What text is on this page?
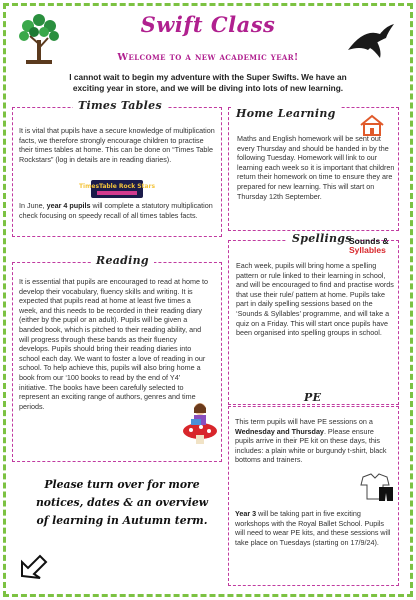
Swift Class
Welcome to a new academic year!
I cannot wait to begin my adventure with the Super Swifts. We have an exciting year in store, and we will be diving into lots of new learning.
Times Tables

It is vital that pupils have a secure knowledge of multiplication facts, we therefore strongly encourage children to practise their times tables at home. This can be done on “Times Table Rockstars” (log in details are in reading diaries).

TimesTable Rock Stars

In June, year 4 pupils will complete a statutory multiplication check focusing on speedy recall of all times tables facts.

Home Learning

Maths and English homework will be sent out every Thursday and should be handed in by the following Tuesday. Homework will link to our learning each week so it is important that children return their homework on time to ensure they are prepared for new learning. This will start on Thursday 12th September.

Spellings
Sounds &
Syllables

Each week, pupils will bring home a spelling pattern or rule linked to their learning in school, and will be encouraged to find and practise words that use their rule/ pattern at home. Pupils take part in daily spelling sessions based on the ‘Sounds & Syllables’ programme, and will take a quiz on a Friday. This will start once pupils have been organised into spelling groups in school.

Reading

It is essential that pupils are encouraged to read at home to develop their vocabulary, fluency skills and writing. It is expected that pupils read at home at least five times a week, and this needs to be recorded in their reading diary (either by the pupil or an adult). Pupils will be given a banded book, which is pitched to their reading ability, and will progress through these bands as their fluency develops. Pupils should bring their reading diaries into school each day. We want to foster a love of reading in our school. To help achieve this, pupils will also bring home a book from our ‘100 books to read by the end of Y4’ initiative. The books have been carefully selected to represent an exciting range of authors, genres and time periods.

PE

This term pupils will have PE sessions on a Wednesday and Thursday. Please ensure pupils arrive in their PE kit on these days, this includes: a plain white or burgundy t-shirt, black bottoms and trainers.

Year 3 will be taking part in five exciting workshops with the Royal Ballet School. Pupils will need to wear PE kits, and these sessions will take place on Tuesdays (starting on 17/9/24).

Please turn over for more notices, dates & an overview of learning in Autumn term.
